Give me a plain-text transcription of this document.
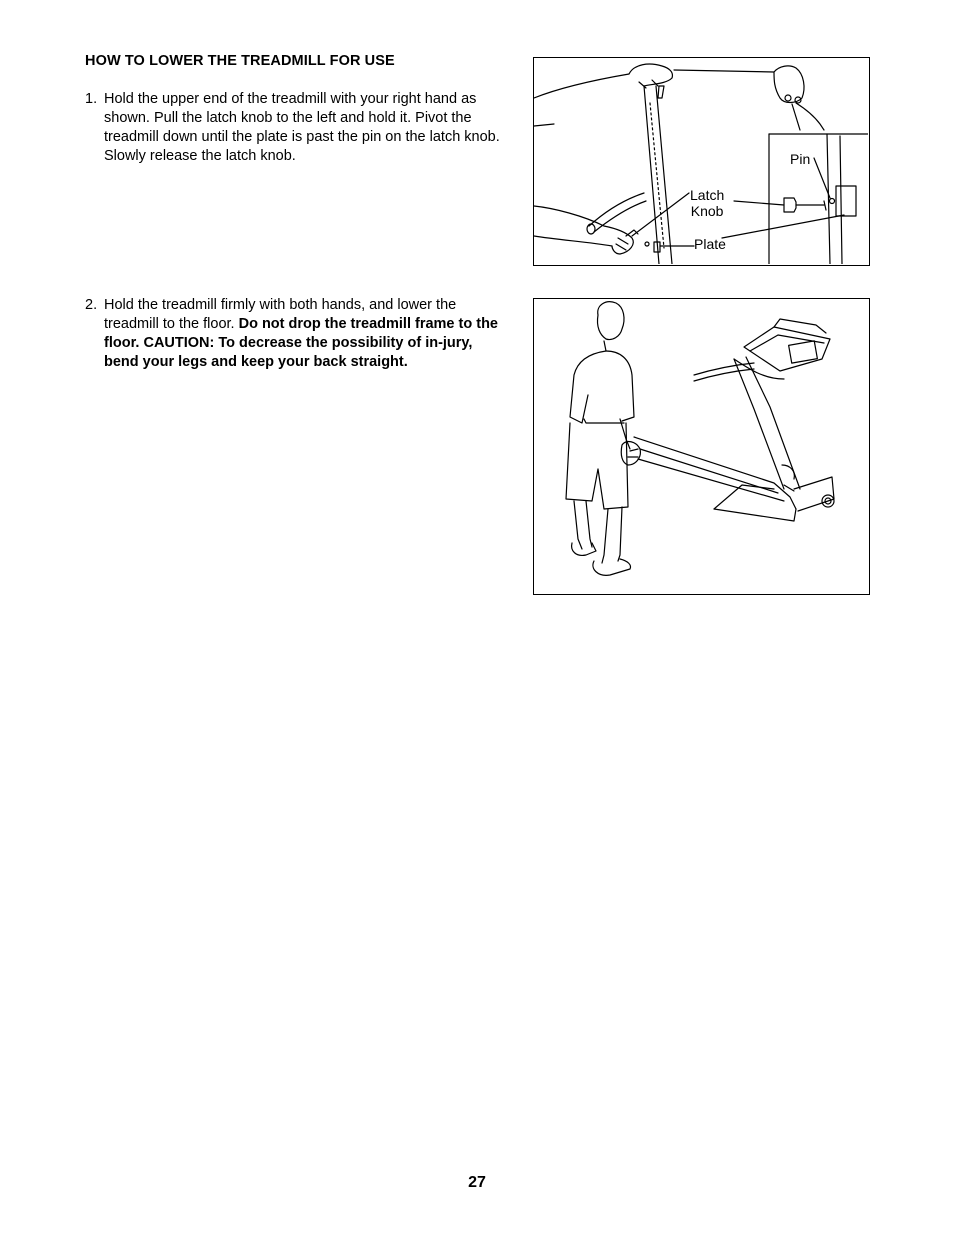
HOW TO LOWER THE TREADMILL FOR USE
1. Hold the upper end of the treadmill with your right hand as shown. Pull the latch knob to the left and hold it. Pivot the treadmill down until the plate is past the pin on the latch knob. Slowly release the latch knob.
2. Hold the treadmill firmly with both hands, and lower the treadmill to the floor. Do not drop the treadmill frame to the floor. CAUTION: To decrease the possibility of in-jury, bend your legs and keep your back straight.
Pin
Latch
Knob
Plate
27
